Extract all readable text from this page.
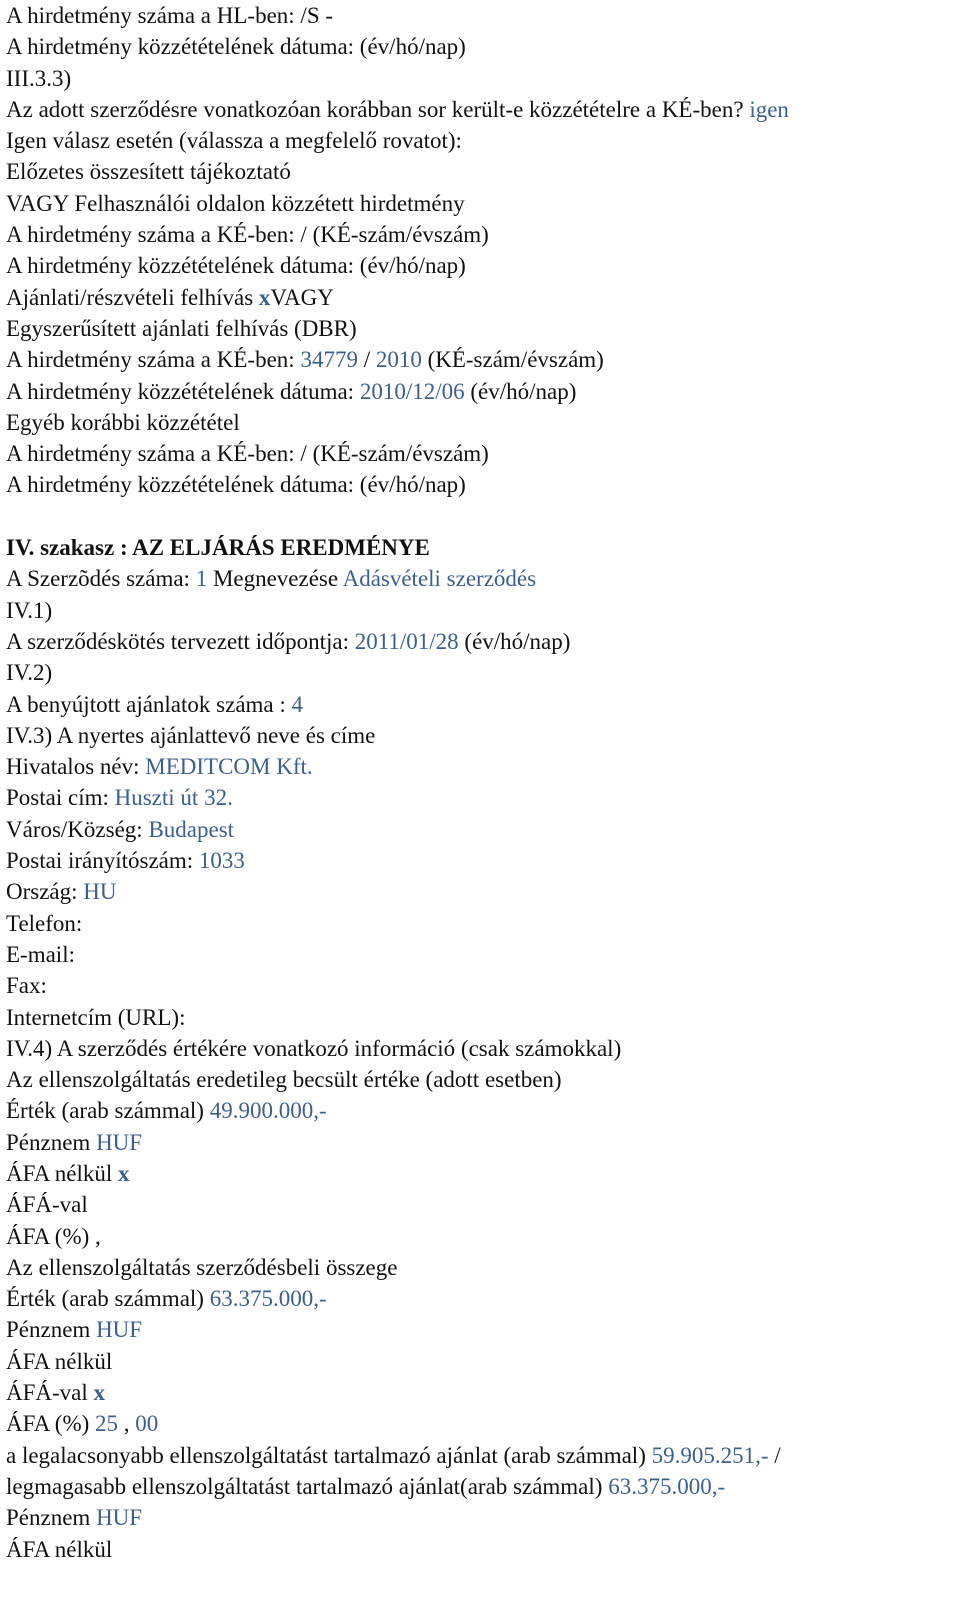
A hirdetmény száma a HL-ben: /S -
A hirdetmény közzétételének dátuma: (év/hó/nap)
III.3.3)
Az adott szerződésre vonatkozóan korábban sor került-e közzétételre a KÉ-ben? igen
Igen válasz esetén (válassza a megfelelő rovatot):
Előzetes összesített tájékoztató
VAGY Felhasználói oldalon közzétett hirdetmény
A hirdetmény száma a KÉ-ben: / (KÉ-szám/évszám)
A hirdetmény közzétételének dátuma: (év/hó/nap)
Ajánlati/részvételi felhívás xVAGY
Egyszerűsített ajánlati felhívás (DBR)
A hirdetmény száma a KÉ-ben: 34779 / 2010 (KÉ-szám/évszám)
A hirdetmény közzétételének dátuma: 2010/12/06 (év/hó/nap)
Egyéb korábbi közzététel
A hirdetmény száma a KÉ-ben: / (KÉ-szám/évszám)
A hirdetmény közzétételének dátuma: (év/hó/nap)
IV. szakasz : AZ ELJÁRÁS EREDMÉNYE
A Szerzõdés száma: 1 Megnevezése Adásvételi szerződés
IV.1)
A szerződéskötés tervezett időpontja: 2011/01/28 (év/hó/nap)
IV.2)
A benyújtott ajánlatok száma : 4
IV.3) A nyertes ajánlattevő neve és címe
Hivatalos név: MEDITCOM Kft.
Postai cím: Huszti út 32.
Város/Község: Budapest
Postai irányítószám: 1033
Ország: HU
Telefon:
E-mail:
Fax:
Internetcím (URL):
IV.4) A szerződés értékére vonatkozó információ (csak számokkal)
Az ellenszolgáltatás eredetileg becsült értéke (adott esetben)
Érték (arab számmal) 49.900.000,-
Pénznem HUF
ÁFA nélkül x
ÁFÁ-val
ÁFA (%) ,
Az ellenszolgáltatás szerződésbeli összege
Érték (arab számmal) 63.375.000,-
Pénznem HUF
ÁFA nélkül
ÁFÁ-val x
ÁFA (%) 25 , 00
a legalacsonyabb ellenszolgáltatást tartalmazó ajánlat (arab számmal) 59.905.251,- /
legmagasabb ellenszolgáltatást tartalmazó ajánlat(arab számmal) 63.375.000,-
Pénznem HUF
ÁFA nélkül
